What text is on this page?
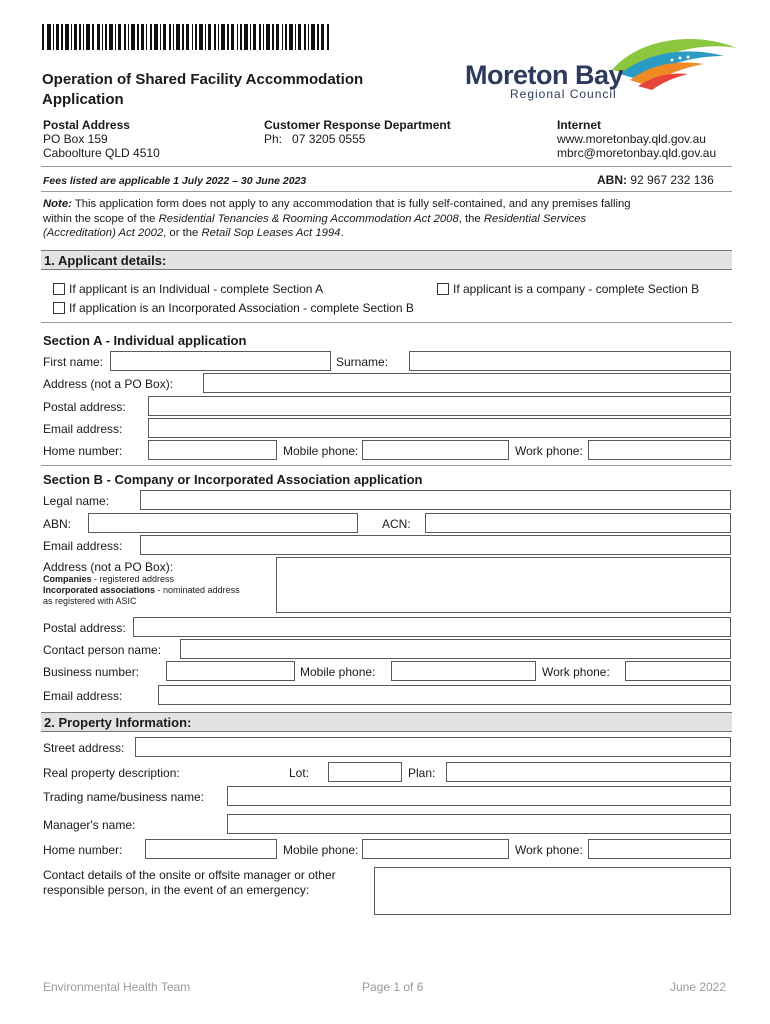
Operation of Shared Facility Accommodation
Application
Moreton Bay
Regional Council
Postal Address
PO Box 159
Caboolture QLD 4510
Customer Response Department
Ph:   07 3205 0555
Internet
www.moretonbay.qld.gov.au
mbrc@moretonbay.qld.gov.au
Fees listed are applicable 1 July 2022 – 30 June 2023	ABN: 92 967 232 136
Note: This application form does not apply to any accommodation that is fully self-contained, and any premises falling
within the scope of the Residential Tenancies & Rooming Accommodation Act 2008, the Residential Services
(Accreditation) Act 2002, or the Retail Sop Leases Act 1994.
1. Applicant details:
If applicant is an Individual - complete Section A	If applicant is a company - complete Section B
If application is an Incorporated Association - complete Section B
Section A - Individual application
First name:	Surname:
Address (not a PO Box):
Postal address:
Email address:
Home number:	Mobile phone:	Work phone:
Section B - Company or Incorporated Association application
Legal name:
ABN:	ACN:
Email address:
Address (not a PO Box):
Companies - registered address
Incorporated associations - nominated address
as registered with ASIC
Postal address:
Contact person name:
Business number:	Mobile phone:	Work phone:
Email address:
2. Property Information:
Street address:
Real property description:	Lot:	Plan:
Trading name/business name:
Manager's name:
Home number:	Mobile phone:	Work phone:
Contact details of the onsite or offsite manager or other
responsible person, in the event of an emergency:
Environmental Health Team	Page 1 of 6	June 2022
